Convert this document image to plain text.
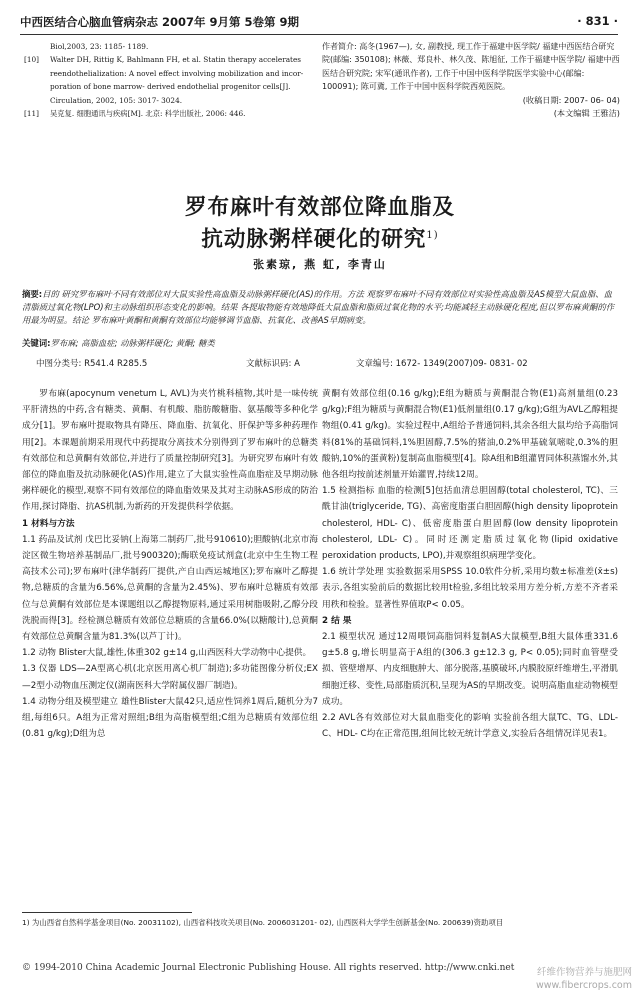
中西医结合心脑血管病杂志 2007年 9月第 5卷第 9期	· 831 ·
Biol,2003, 23: 1185- 1189.
[10] Walter DH, Rittig K, Bahlmann FH, et al. Statin therapy accelerates
reendothelialization: A novel effect involving mobilization and incor-
poration of bone marrow- derived endothelial progenitor cells[J].
Circulation, 2002, 105: 3017- 3024.
[11] 吴克复. 细胞通讯与疾病[M]. 北京: 科学出版社, 2006: 446.

作者简介: 高冬(1967—), 女, 副教授, 现工作于福建中医学院/ 福建中西医结合研究院(邮编: 350108); 林薇、郑良朴、林久茂、陈旭征, 工作于福建中医学院/ 福建中西医结合研究院; 宋军(通讯作者), 工作于中国中医科学院医学实验中心(邮编: 100091); 陈可冀, 工作于中国中医科学院西苑医院。

(收稿日期: 2007- 06- 04)

(本文编辑 王雅洁)

罗布麻叶有效部位降血脂及
抗动脉粥样硬化的研究$^{1)}$
张素琼, 燕 虹, 李青山
摘要:目的 研究罗布麻叶不同有效部位对大鼠实验性高血脂及动脉粥样硬化(AS)的作用。方法 观察罗布麻叶不同有效部位对实验性高血脂及AS模型大鼠血脂、血清脂质过氧化物(LPO)和主动脉组织形态变化的影响。结果 各提取物能有效地降低大鼠血脂和脂质过氧化物的水平;均能减轻主动脉硬化程度,但以罗布麻黄酮的作用最为明显。结论 罗布麻叶黄酮和黄酮有效部位均能够调节血脂、抗氧化、改善AS早期病变。
关键词:罗布麻; 高脂血症; 动脉粥样硬化; 黄酮; 糖类
中图分类号: R541.4 R285.5	文献标识码: A	文章编号: 1672- 1349(2007)09- 0831- 02

罗布麻(apocynum venetum L, AVL)为夹竹桃科植物,其叶是一味传统平肝清热的中药,含有糖类、黄酮、有机酸、脂肪酸糖脂、氨基酸等多种化学成分[1]。罗布麻叶提取物具有降压、降血脂、抗氧化、肝保护等多种药理作用[2]。本课题前期采用现代中药提取分离技术分别得到了罗布麻叶的总糖类有效部位和总黄酮有效部位,并进行了质量控制研究[3]。为研究罗布麻叶有效部位的降血脂及抗动脉硬化(AS)作用,建立了大鼠实验性高血脂症及早期动脉粥样硬化的模型,观察不同有效部位的降血脂效果及其对主动脉AS形成的防治作用,探讨降脂、抗AS机制,为新药的开发提供科学依据。

1 材料与方法

1.1 药品及试剂 戊巴比妥钠(上海第二制药厂,批号910610);胆酸钠(北京市海淀区微生物培养基制品厂,批号900320);酶联免疫试剂盒(北京中生生物工程高技术公司);罗布麻叶(津华制药厂提供,产自山西运城地区);罗布麻叶乙醇提物,总糖质的含量为6.56%,总黄酮的含量为2.45%)、罗布麻叶总糖质有效部位与总黄酮有效部位是本课题组以乙醇提物原料,通过采用树脂吸附,乙醇分段洗脱而得[3]。经检测总糖质有效部位总糖质的含量66.0%(以糖酸计),总黄酮有效部位总黄酮含量为81.3%(以芦丁计)。

1.2 动物 Blister大鼠,雄性,体重302 g±14 g,山西医科大学动物中心提供。

1.3 仪器 LDS—2A型离心机(北京医用离心机厂制造);多功能图像分析仪;EX—2型小动物血压测定仪(湖南医科大学附属仪器厂制造)。

1.4 动物分组及模型建立 雄性Blister大鼠42只,适应性饲养1周后,随机分为7组,每组6只。A组为正常对照组;B组为高脂模型组;C组为总糖质有效部位组(0.81 g/kg);D组为总

黄酮有效部位组(0.16 g/kg);E组为糖质与黄酮混合物(E1)高剂量组(0.23 g/kg);F组为糖质与黄酮混合物(E1)低剂量组(0.17 g/kg);G组为AVL乙醇粗提物组(0.41 g/kg)。实验过程中,A组给予普通饲料,其余各组大鼠均给予高脂饲料(81%的基础饲料,1%胆固醇,7.5%的猪油,0.2%甲基硫氧嘧啶,0.3%的胆酸钠,10%的蛋黄粉)复制高血脂模型[4]。除A组和B组灌胃同体积蒸馏水外,其他各组均按前述剂量开始灌胃,持续12周。

1.5 检测指标 血脂的检测[5]包括血清总胆固醇(total cholesterol, TC)、三酰甘油(triglyceride, TG)、高密度脂蛋白胆固醇(high density lipoprotein cholesterol, HDL- C)、低密度脂蛋白胆固醇(low density lipoprotein cholesterol, LDL- C)。同时还测定脂质过氧化物(lipid oxidative peroxidation products, LPO),并观察组织病理学变化。

1.6 统计学处理 实验数据采用SPSS 10.0软件分析,采用均数±标准差(x̄±s)表示,各组实验前后的数据比较用t检验,多组比较采用方差分析,方差不齐者采用秩和检验。显著性界值取P< 0.05。

2 结 果

2.1 模型状况 通过12周喂饲高脂饲料复制AS大鼠模型,B组大鼠体重331.6 g±5.8 g,增长明显高于A组的(306.3 g±12.3 g, P< 0.05);同时血管壁受损、管壁增厚、内皮细胞肿大、部分脱落,基膜破坏,内膜胶原纤维增生,平滑肌细胞迁移、变性,局部脂质沉积,呈现为AS的早期改变。说明高脂血症动物模型成功。

2.2 AVL各有效部位对大鼠血脂变化的影响 实验前各组大鼠TC、TG、LDL- C、HDL- C均在正常范围,组间比较无统计学意义,实验后各组情况详见表1。

1) 为山西省自然科学基金项目(No. 20031102), 山西省科技攻关项目(No. 2006031201- 02), 山西医科大学学生创新基金(No. 200639)资助项目
© 1994-2010 China Academic Journal Electronic Publishing House. All rights reserved. http://www.cnki.net	纤维作物营养与施肥网
www.fibercrops.com
